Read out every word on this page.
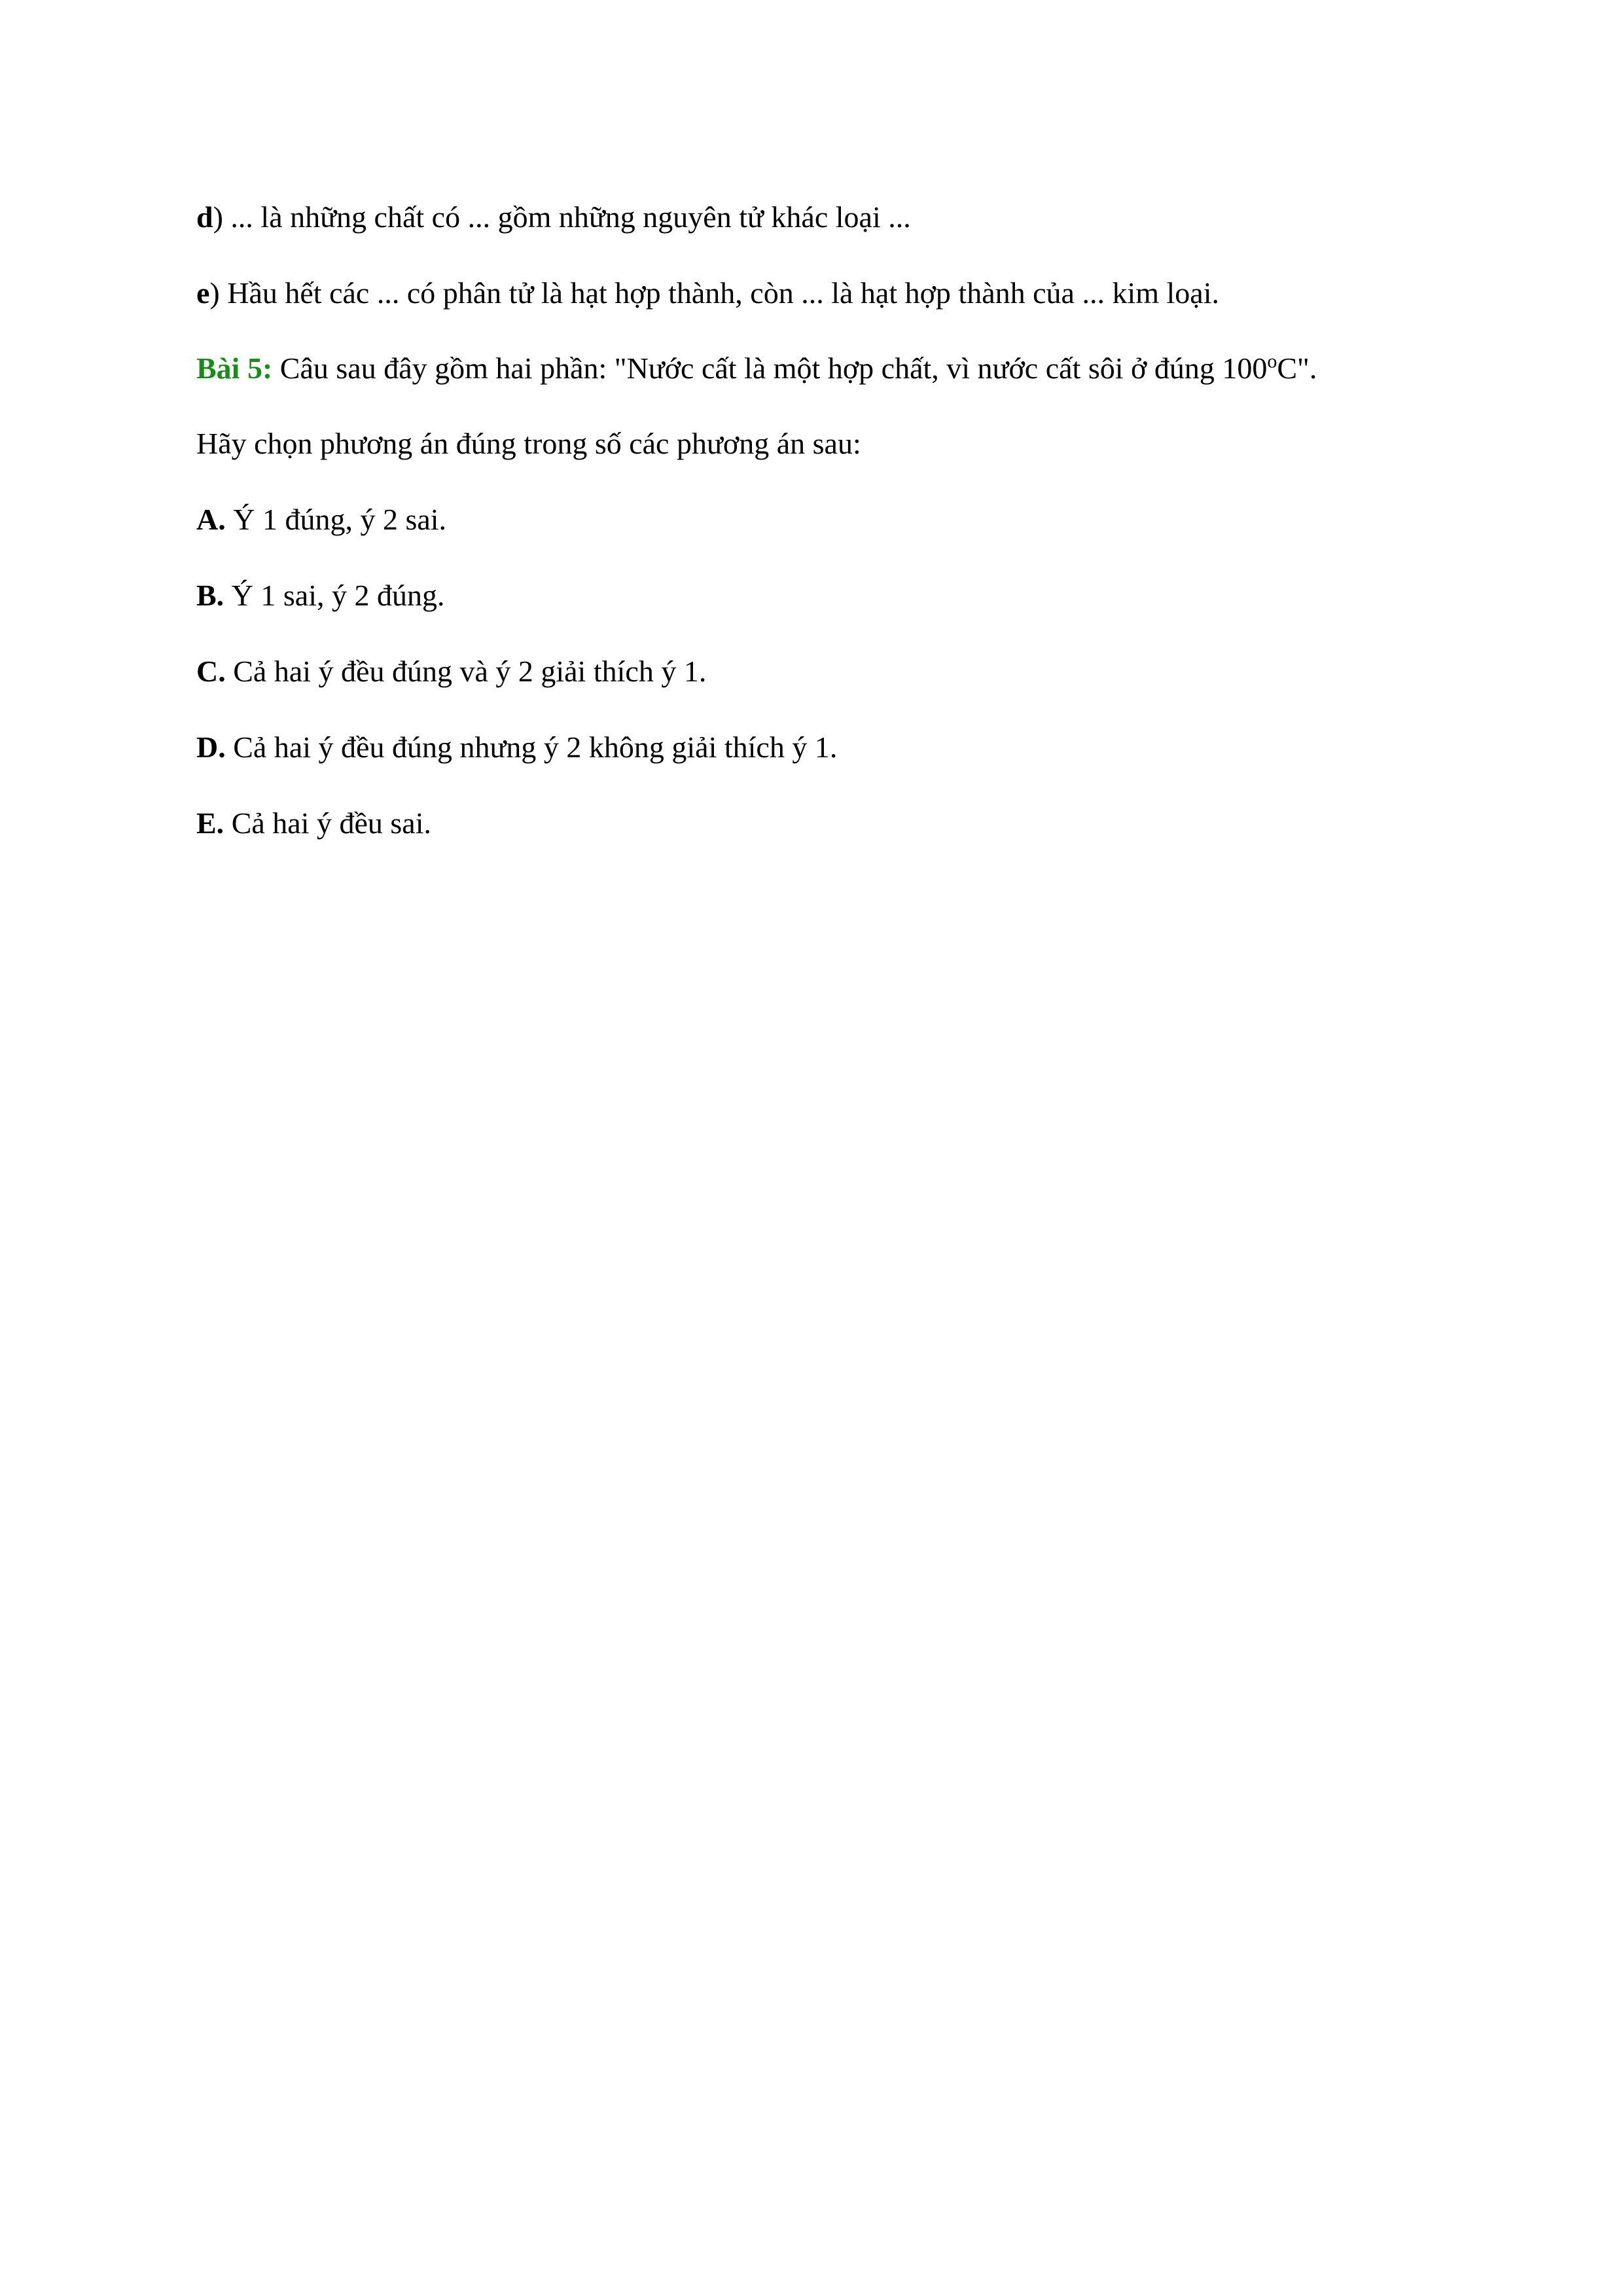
d) ... là những chất có ... gồm những nguyên tử khác loại ...
e) Hầu hết các ... có phân tử là hạt hợp thành, còn ... là hạt hợp thành của ... kim loại.
Bài 5: Câu sau đây gồm hai phần: "Nước cất là một hợp chất, vì nước cất sôi ở đúng 100$^o$C".
Hãy chọn phương án đúng trong số các phương án sau:
A. Ý 1 đúng, ý 2 sai.
B. Ý 1 sai, ý 2 đúng.
C. Cả hai ý đều đúng và ý 2 giải thích ý 1.
D. Cả hai ý đều đúng nhưng ý 2 không giải thích ý 1.
E. Cả hai ý đều sai.
